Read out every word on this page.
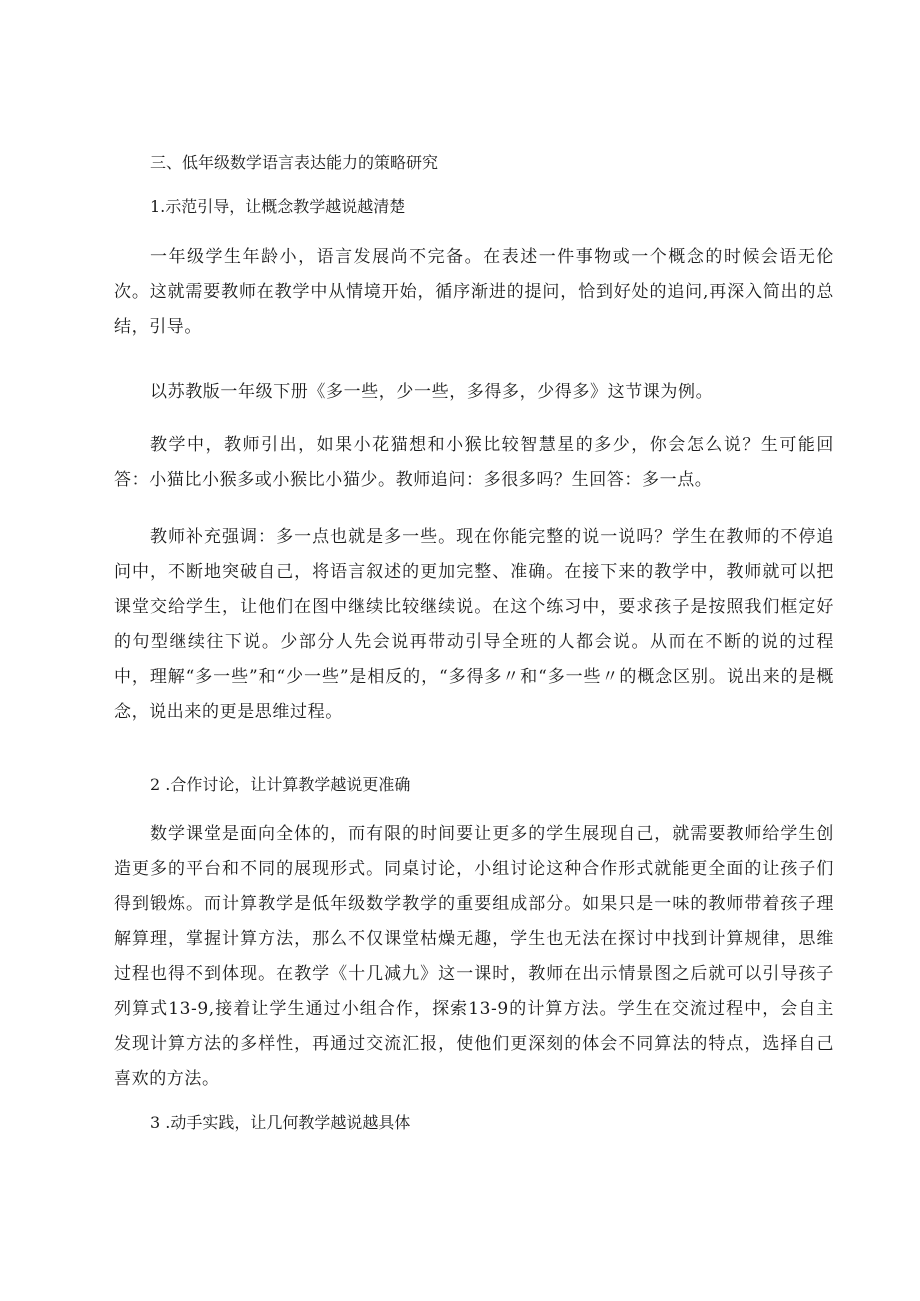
三、低年级数学语言表达能力的策略研究
1.示范引导，让概念教学越说越清楚
一年级学生年龄小，语言发展尚不完备。在表述一件事物或一个概念的时候会语无伦次。这就需要教师在教学中从情境开始，循序渐进的提问，恰到好处的追问,再深入简出的总结，引导。
以苏教版一年级下册《多一些，少一些，多得多，少得多》这节课为例。
教学中，教师引出，如果小花猫想和小猴比较智慧星的多少，你会怎么说？生可能回答：小猫比小猴多或小猴比小猫少。教师追问：多很多吗？生回答：多一点。
教师补充强调：多一点也就是多一些。现在你能完整的说一说吗？学生在教师的不停追问中，不断地突破自己，将语言叙述的更加完整、准确。在接下来的教学中，教师就可以把课堂交给学生，让他们在图中继续比较继续说。在这个练习中，要求孩子是按照我们框定好的句型继续往下说。少部分人先会说再带动引导全班的人都会说。从而在不断的说的过程中，理解“多一些”和“少一些”是相反的，“多得多〃和“多一些〃的概念区别。说出来的是概念，说出来的更是思维过程。
2 .合作讨论，让计算教学越说更准确
数学课堂是面向全体的，而有限的时间要让更多的学生展现自己，就需要教师给学生创造更多的平台和不同的展现形式。同桌讨论，小组讨论这种合作形式就能更全面的让孩子们得到锻炼。而计算教学是低年级数学教学的重要组成部分。如果只是一味的教师带着孩子理解算理，掌握计算方法，那么不仅课堂枯燥无趣，学生也无法在探讨中找到计算规律，思维过程也得不到体现。在教学《十几减九》这一课时，教师在出示情景图之后就可以引导孩子列算式13-9,接着让学生通过小组合作，探索13-9的计算方法。学生在交流过程中，会自主发现计算方法的多样性，再通过交流汇报，使他们更深刻的体会不同算法的特点，选择自己喜欢的方法。
3 .动手实践，让几何教学越说越具体
